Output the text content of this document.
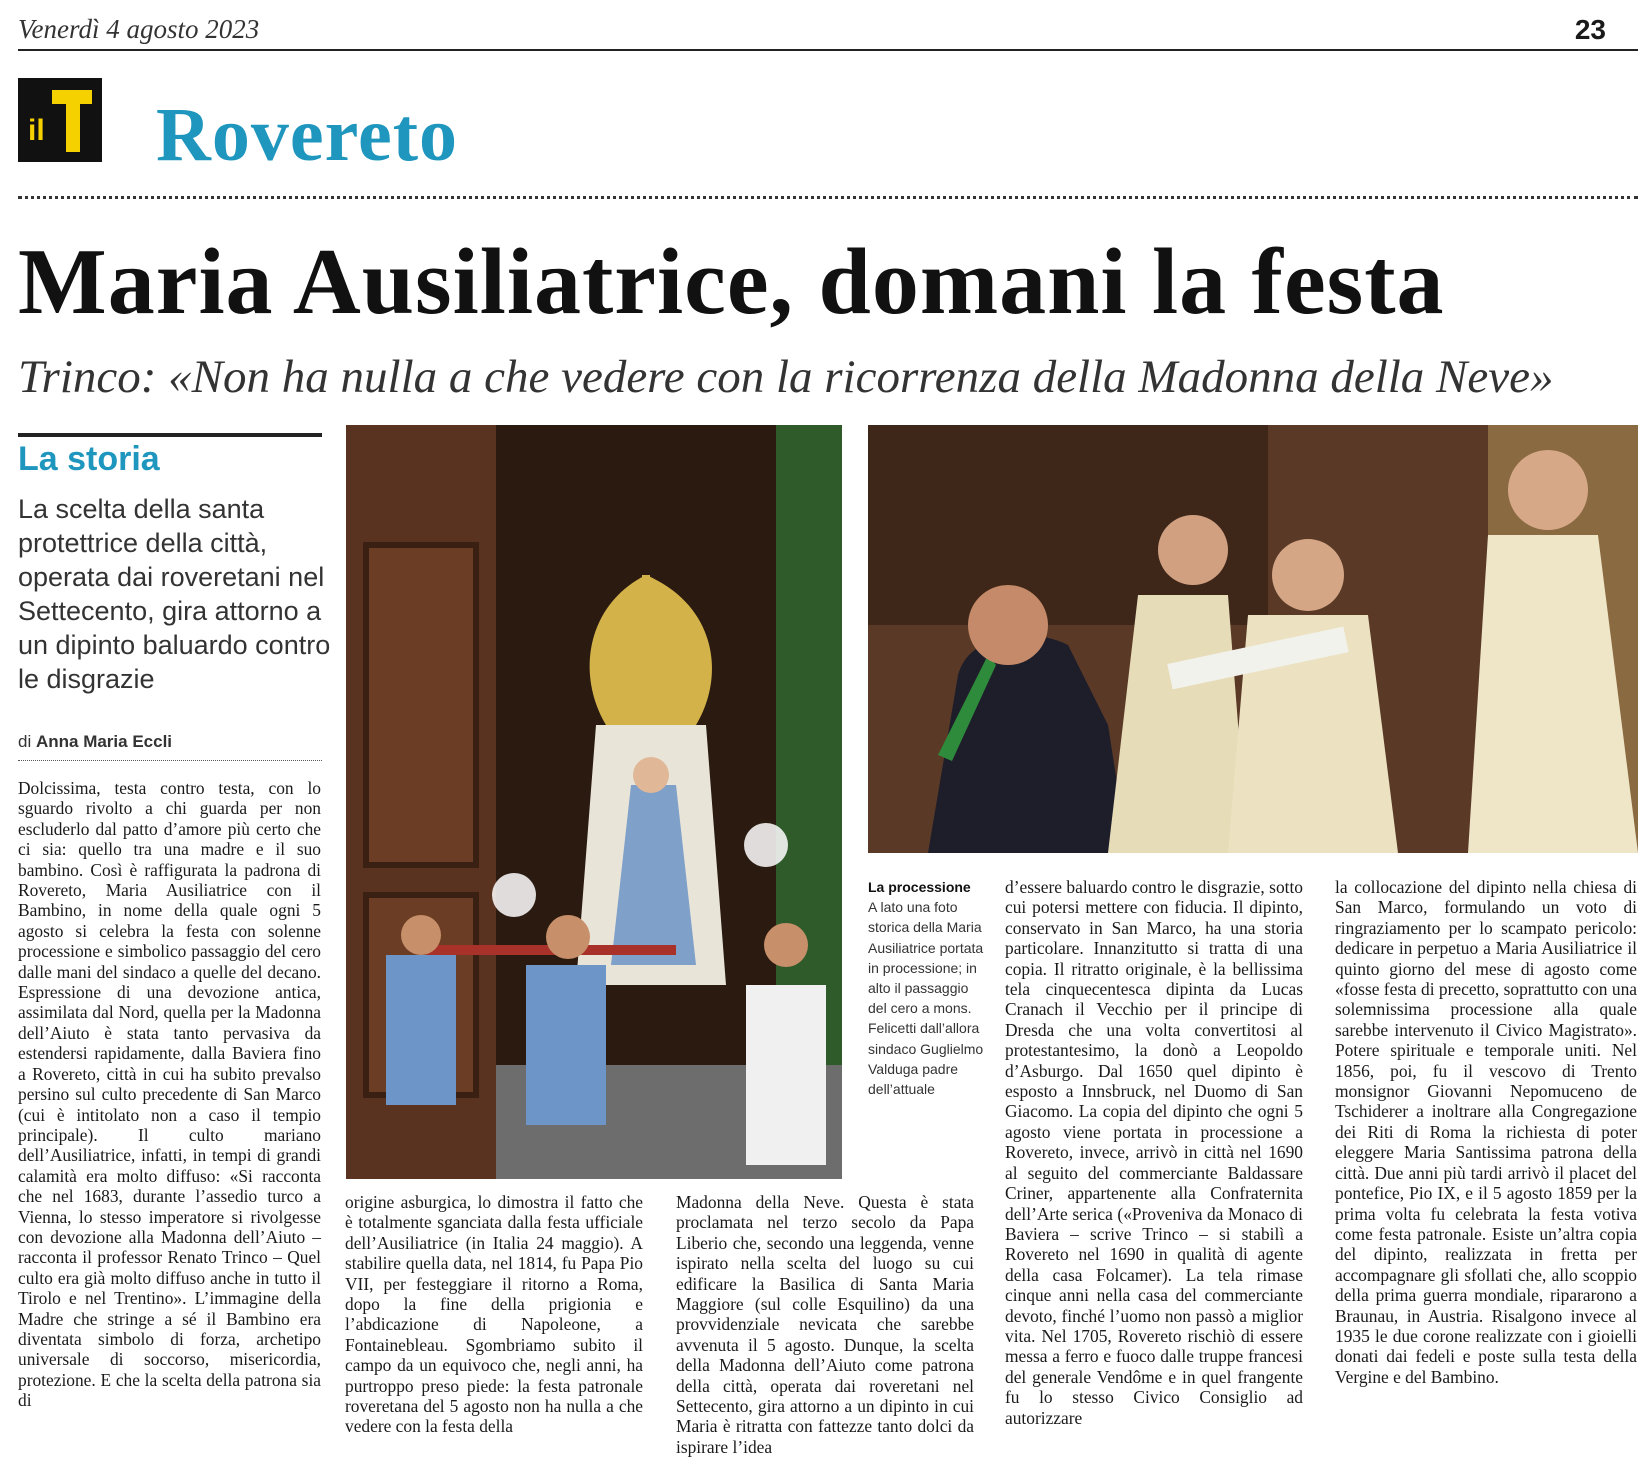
Venerdì 4 agosto 2023	23
il Rovereto
Maria Ausiliatrice, domani la festa
Trinco: «Non ha nulla a che vedere con la ricorrenza della Madonna della Neve»
La storia
La scelta della santa protettrice della città, operata dai roveretani nel Settecento, gira attorno a un dipinto baluardo contro le disgrazie
di Anna Maria Eccli
La processione
A lato una foto storica della Maria Ausiliatrice portata in processione; in alto il passaggio del cero a mons. Felicetti dall’allora sindaco Guglielmo Valduga padre dell’attuale
Dolcissima, testa contro testa, con lo sguardo rivolto a chi guarda per non escluderlo dal patto d’amore più certo che ci sia: quello tra una madre e il suo bambino. Così è raffigurata la padrona di Rovereto, Maria Ausiliatrice con il Bambino, in nome della quale ogni 5 agosto si celebra la festa con solenne processione e simbolico passaggio del cero dalle mani del sindaco a quelle del decano. Espressione di una devozione antica, assimilata dal Nord, quella per la Madonna dell’Aiuto è stata tanto pervasiva da estendersi rapidamente, dalla Baviera fino a Rovereto, città in cui ha subito prevalso persino sul culto precedente di San Marco (cui è intitolato non a caso il tempio principale). Il culto mariano dell’Ausiliatrice, infatti, in tempi di grandi calamità era molto diffuso: «Si racconta che nel 1683, durante l’assedio turco a Vienna, lo stesso imperatore si rivolgesse con devozione alla Madonna dell’Aiuto – racconta il professor Renato Trinco – Quel culto era già molto diffuso anche in tutto il Tirolo e nel Trentino». L’immagine della Madre che stringe a sé il Bambino era diventata simbolo di forza, archetipo universale di soccorso, misericordia, protezione. E che la scelta della patrona sia di
origine asburgica, lo dimostra il fatto che è totalmente sganciata dalla festa ufficiale dell’Ausiliatrice (in Italia 24 maggio). A stabilire quella data, nel 1814, fu Papa Pio VII, per festeggiare il ritorno a Roma, dopo la fine della prigionia e l’abdicazione di Napoleone, a Fontainebleau. Sgombriamo subito il campo da un equivoco che, negli anni, ha purtroppo preso piede: la festa patronale roveretana del 5 agosto non ha nulla a che vedere con la festa della
Madonna della Neve. Questa è stata proclamata nel terzo secolo da Papa Liberio che, secondo una leggenda, venne ispirato nella scelta del luogo su cui edificare la Basilica di Santa Maria Maggiore (sul colle Esquilino) da una provvidenziale nevicata che sarebbe avvenuta il 5 agosto. Dunque, la scelta della Madonna dell’Aiuto come patrona della città, operata dai roveretani nel Settecento, gira attorno a un dipinto in cui Maria è ritratta con fattezze tanto dolci da ispirare l’idea
d’essere baluardo contro le disgrazie, sotto cui potersi mettere con fiducia. Il dipinto, conservato in San Marco, ha una storia particolare. Innanzitutto si tratta di una copia. Il ritratto originale, è la bellissima tela cinquecentesca dipinta da Lucas Cranach il Vecchio per il principe di Dresda che una volta convertitosi al protestantesimo, la donò a Leopoldo d’Asburgo. Dal 1650 quel dipinto è esposto a Innsbruck, nel Duomo di San Giacomo. La copia del dipinto che ogni 5 agosto viene portata in processione a Rovereto, invece, arrivò in città nel 1690 al seguito del commerciante Baldassare Criner, appartenente alla Confraternita dell’Arte serica («Proveniva da Monaco di Baviera – scrive Trinco – si stabilì a Rovereto nel 1690 in qualità di agente della casa Folcamer). La tela rimase cinque anni nella casa del commerciante devoto, finché l’uomo non passò a miglior vita. Nel 1705, Rovereto rischiò di essere messa a ferro e fuoco dalle truppe francesi del generale Vendôme e in quel frangente fu lo stesso Civico Consiglio ad autorizzare
la collocazione del dipinto nella chiesa di San Marco, formulando un voto di ringraziamento per lo scampato pericolo: dedicare in perpetuo a Maria Ausiliatrice il quinto giorno del mese di agosto come «fosse festa di precetto, soprattutto con una solemnissima processione alla quale sarebbe intervenuto il Civico Magistrato». Potere spirituale e temporale uniti. Nel 1856, poi, fu il vescovo di Trento monsignor Giovanni Nepomuceno de Tschiderer a inoltrare alla Congregazione dei Riti di Roma la richiesta di poter eleggere Maria Santissima patrona della città. Due anni più tardi arrivò il placet del pontefice, Pio IX, e il 5 agosto 1859 per la prima volta fu celebrata la festa votiva come festa patronale. Esiste un’altra copia del dipinto, realizzata in fretta per accompagnare gli sfollati che, allo scoppio della prima guerra mondiale, ripararono a Braunau, in Austria. Risalgono invece al 1935 le due corone realizzate con i gioielli donati dai fedeli e poste sulla testa della Vergine e del Bambino.
